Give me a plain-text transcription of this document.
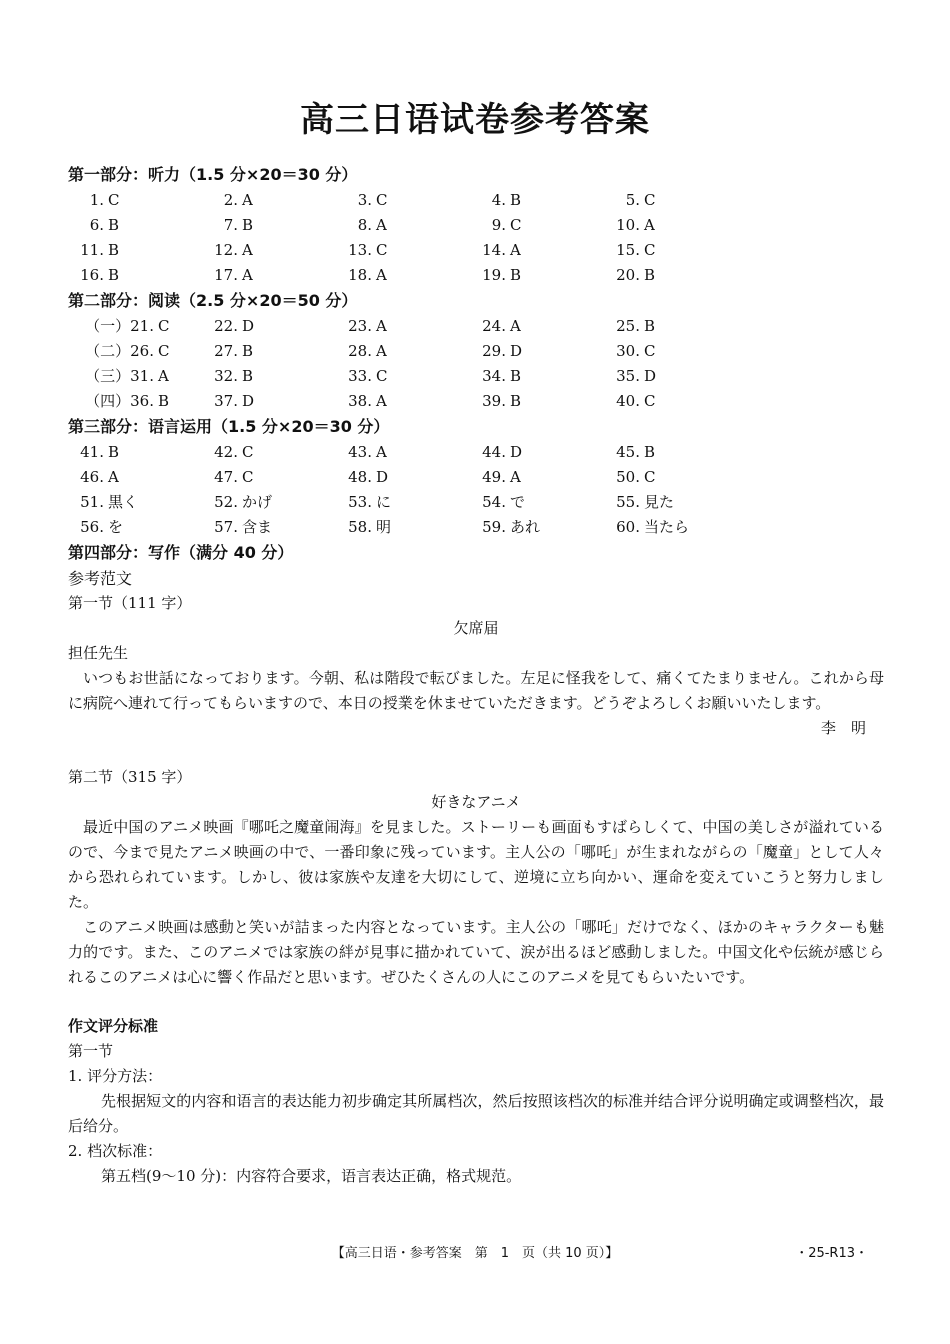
高三日语试卷参考答案
第一部分：听力（1.5 分×20＝30 分）
1. C	2. A	3. C	4. B	5. C
6. B	7. B	8. A	9. C	10. A
11. B	12. A	13. C	14. A	15. C
16. B	17. A	18. A	19. B	20. B
第二部分：阅读（2.5 分×20＝50 分）
（一）21. C	22. D	23. A	24. A	25. B
（二）26. C	27. B	28. A	29. D	30. C
（三）31. A	32. B	33. C	34. B	35. D
（四）36. B	37. D	38. A	39. B	40. C
第三部分：语言运用（1.5 分×20＝30 分）
41. B	42. C	43. A	44. D	45. B
46. A	47. C	48. D	49. A	50. C
51. 黒く	52. かげ	53. に	54. で	55. 見た
56. を	57. 含ま	58. 明	59. あれ	60. 当たら
第四部分：写作（满分 40 分）
参考范文
第一节（111 字）
欠席届
担任先生
いつもお世話になっております。今朝、私は階段で転びました。左足に怪我をして、痛くてたまりません。これから母に病院へ連れて行ってもらいますので、本日の授業を休ませていただきます。どうぞよろしくお願いいたします。
李　明
第二节（315 字）
好きなアニメ
最近中国のアニメ映画『哪吒之魔童闹海』を見ました。ストーリーも画面もすばらしくて、中国の美しさが溢れているので、今まで見たアニメ映画の中で、一番印象に残っています。主人公の「哪吒」が生まれながらの「魔童」として人々から恐れられています。しかし、彼は家族や友達を大切にして、逆境に立ち向かい、運命を変えていこうと努力しました。
このアニメ映画は感動と笑いが詰まった内容となっています。主人公の「哪吒」だけでなく、ほかのキャラクターも魅力的です。また、このアニメでは家族の絆が見事に描かれていて、涙が出るほど感動しました。中国文化や伝統が感じられるこのアニメは心に響く作品だと思います。ぜひたくさんの人にこのアニメを見てもらいたいです。
作文评分标准
第一节
1. 评分方法：
先根据短文的内容和语言的表达能力初步确定其所属档次，然后按照该档次的标准并结合评分说明确定或调整档次，最后给分。
2. 档次标准：
第五档(9～10 分)：内容符合要求，语言表达正确，格式规范。
【高三日语・参考答案　第　1　页（共 10 页）】	・25-R13・
